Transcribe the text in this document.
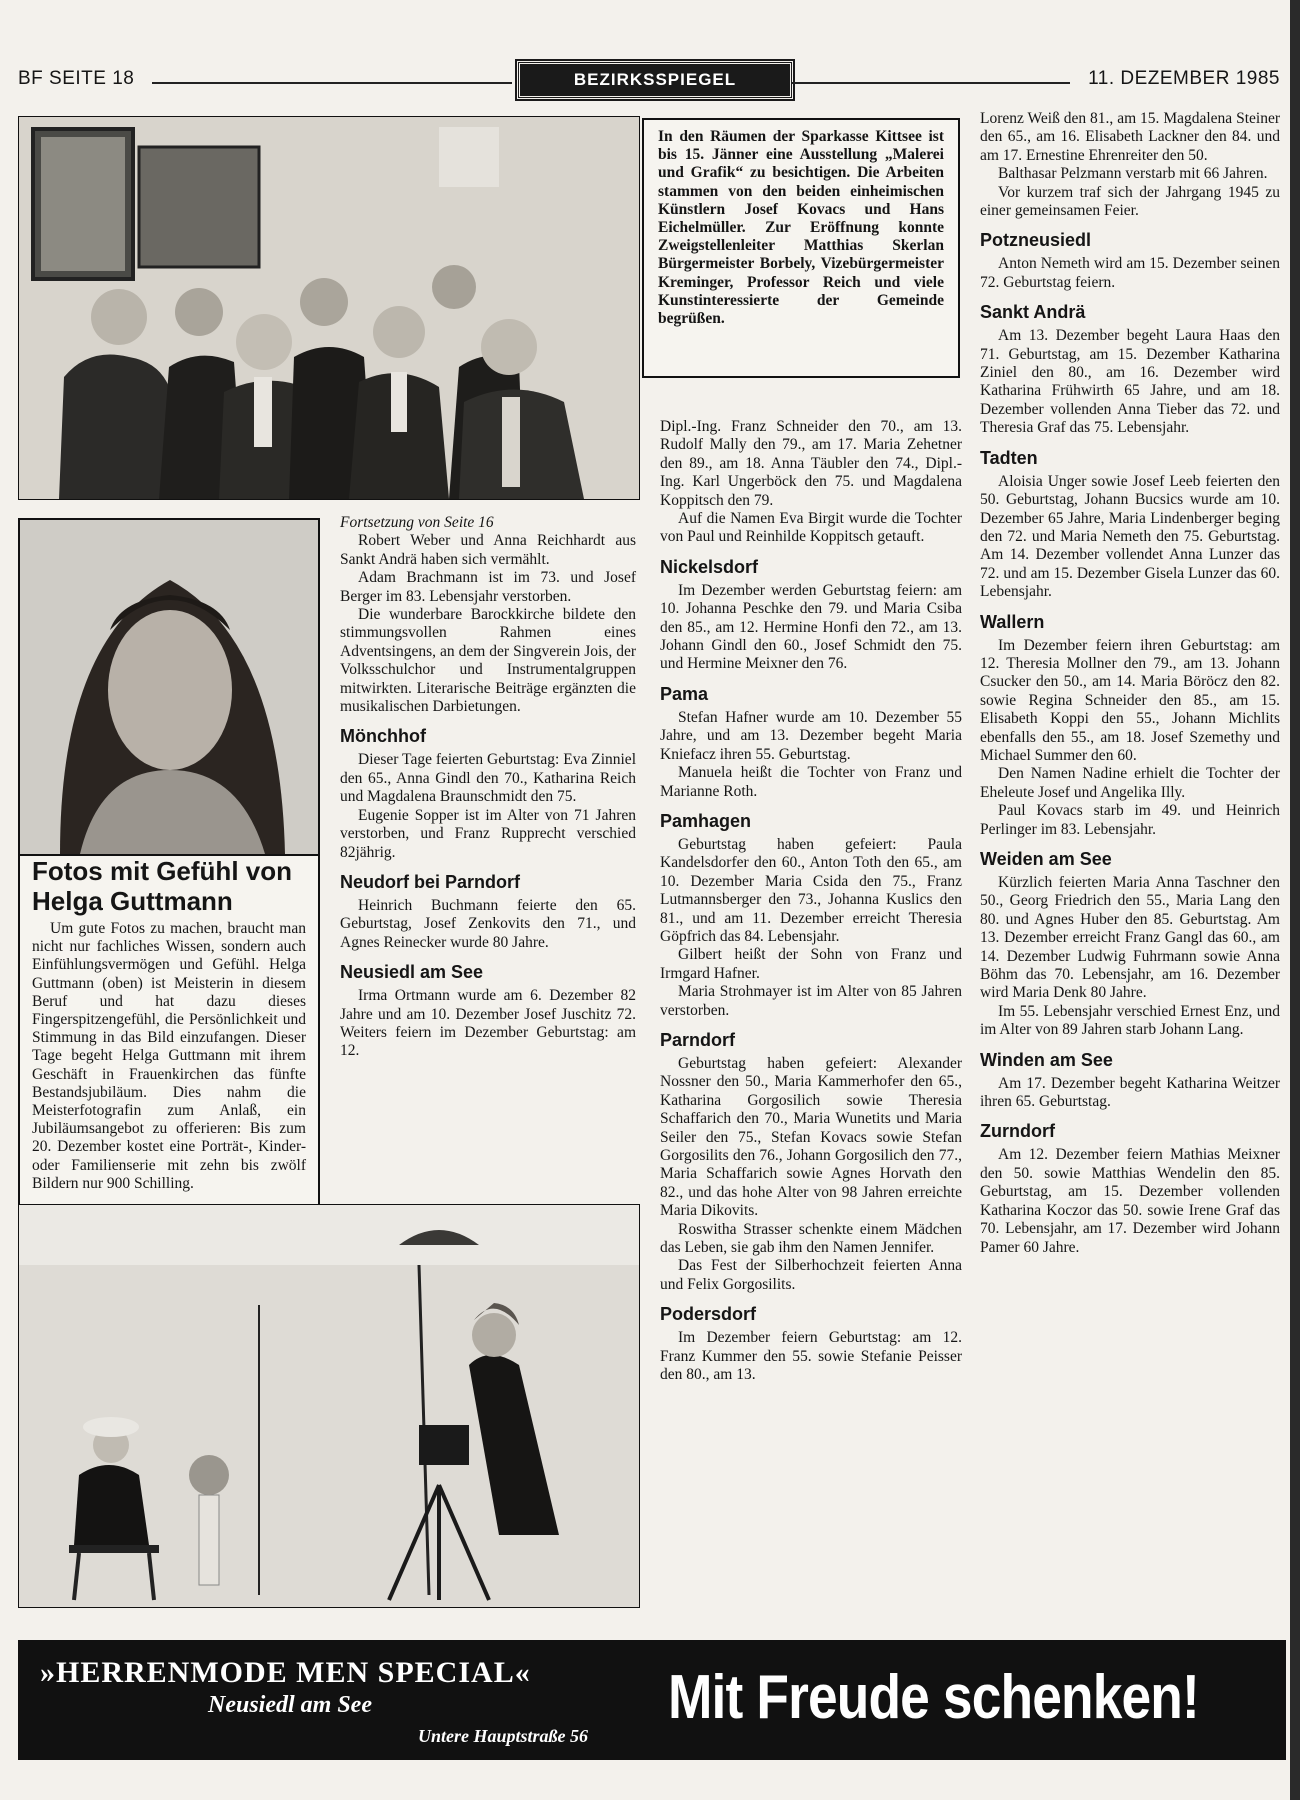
BF SEITE 18	BEZIRKSSPIEGEL	11. DEZEMBER 1985
In den Räumen der Sparkasse Kittsee ist bis 15. Jänner eine Ausstellung „Malerei und Grafik“ zu besichtigen. Die Arbeiten stammen von den beiden einheimischen Künstlern Josef Kovacs und Hans Eichelmüller. Zur Eröffnung konnte Zweigstellenleiter Matthias Skerlan Bürgermeister Borbely, Vizebürgermeister Kreminger, Professor Reich und viele Kunstinteressierte der Gemeinde begrüßen.
Fotos mit Gefühl von Helga Guttmann

Um gute Fotos zu machen, braucht man nicht nur fachliches Wissen, sondern auch Einfühlungsvermögen und Gefühl. Helga Guttmann (oben) ist Meisterin in diesem Beruf und hat dazu dieses Fingerspitzengefühl, die Persönlichkeit und Stimmung in das Bild einzufangen. Dieser Tage begeht Helga Guttmann mit ihrem Geschäft in Frauenkirchen das fünfte Bestandsjubiläum. Dies nahm die Meisterfotografin zum Anlaß, ein Jubiläumsangebot zu offerieren: Bis zum 20. Dezember kostet eine Porträt-, Kinder- oder Familienserie mit zehn bis zwölf Bildern nur 900 Schilling.

Fortsetzung von Seite 16

Robert Weber und Anna Reichhardt aus Sankt Andrä haben sich vermählt.

Adam Brachmann ist im 73. und Josef Berger im 83. Lebensjahr verstorben.

Die wunderbare Barockkirche bildete den stimmungsvollen Rahmen eines Adventsingens, an dem der Singverein Jois, der Volksschulchor und Instrumentalgruppen mitwirkten. Literarische Beiträge ergänzten die musikalischen Darbietungen.

Mönchhof

Dieser Tage feierten Geburtstag: Eva Zinniel den 65., Anna Gindl den 70., Katharina Reich und Magdalena Braunschmidt den 75.

Eugenie Sopper ist im Alter von 71 Jahren verstorben, und Franz Rupprecht verschied 82jährig.

Neudorf bei Parndorf

Heinrich Buchmann feierte den 65. Geburtstag, Josef Zenkovits den 71., und Agnes Reinecker wurde 80 Jahre.

Neusiedl am See

Irma Ortmann wurde am 6. Dezember 82 Jahre und am 10. Dezember Josef Juschitz 72. Weiters feiern im Dezember Geburtstag: am 12.

Dipl.-Ing. Franz Schneider den 70., am 13. Rudolf Mally den 79., am 17. Maria Zehetner den 89., am 18. Anna Täubler den 74., Dipl.-Ing. Karl Ungerböck den 75. und Magdalena Koppitsch den 79.

Auf die Namen Eva Birgit wurde die Tochter von Paul und Reinhilde Koppitsch getauft.

Nickelsdorf

Im Dezember werden Geburtstag feiern: am 10. Johanna Peschke den 79. und Maria Csiba den 85., am 12. Hermine Honfi den 72., am 13. Johann Gindl den 60., Josef Schmidt den 75. und Hermine Meixner den 76.

Pama

Stefan Hafner wurde am 10. Dezember 55 Jahre, und am 13. Dezember begeht Maria Kniefacz ihren 55. Geburtstag.

Manuela heißt die Tochter von Franz und Marianne Roth.

Pamhagen

Geburtstag haben gefeiert: Paula Kandelsdorfer den 60., Anton Toth den 65., am 10. Dezember Maria Csida den 75., Franz Lutmannsberger den 73., Johanna Kuslics den 81., und am 11. Dezember erreicht Theresia Göpfrich das 84. Lebensjahr.

Gilbert heißt der Sohn von Franz und Irmgard Hafner.

Maria Strohmayer ist im Alter von 85 Jahren verstorben.

Parndorf

Geburtstag haben gefeiert: Alexander Nossner den 50., Maria Kammerhofer den 65., Katharina Gorgosilich sowie Theresia Schaffarich den 70., Maria Wunetits und Maria Seiler den 75., Stefan Kovacs sowie Stefan Gorgosilits den 76., Johann Gorgosilich den 77., Maria Schaffarich sowie Agnes Horvath den 82., und das hohe Alter von 98 Jahren erreichte Maria Dikovits.

Roswitha Strasser schenkte einem Mädchen das Leben, sie gab ihm den Namen Jennifer.

Das Fest der Silberhochzeit feierten Anna und Felix Gorgosilits.

Podersdorf

Im Dezember feiern Geburtstag: am 12. Franz Kummer den 55. sowie Stefanie Peisser den 80., am 13.

Lorenz Weiß den 81., am 15. Magdalena Steiner den 65., am 16. Elisabeth Lackner den 84. und am 17. Ernestine Ehrenreiter den 50.

Balthasar Pelzmann verstarb mit 66 Jahren.

Vor kurzem traf sich der Jahrgang 1945 zu einer gemeinsamen Feier.

Potzneusiedl

Anton Nemeth wird am 15. Dezember seinen 72. Geburtstag feiern.

Sankt Andrä

Am 13. Dezember begeht Laura Haas den 71. Geburtstag, am 15. Dezember Katharina Ziniel den 80., am 16. Dezember wird Katharina Frühwirth 65 Jahre, und am 18. Dezember vollenden Anna Tieber das 72. und Theresia Graf das 75. Lebensjahr.

Tadten

Aloisia Unger sowie Josef Leeb feierten den 50. Geburtstag, Johann Bucsics wurde am 10. Dezember 65 Jahre, Maria Lindenberger beging den 72. und Maria Nemeth den 75. Geburtstag. Am 14. Dezember vollendet Anna Lunzer das 72. und am 15. Dezember Gisela Lunzer das 60. Lebensjahr.

Wallern

Im Dezember feiern ihren Geburtstag: am 12. Theresia Mollner den 79., am 13. Johann Csucker den 50., am 14. Maria Böröcz den 82. sowie Regina Schneider den 85., am 15. Elisabeth Koppi den 55., Johann Michlits ebenfalls den 55., am 18. Josef Szemethy und Michael Summer den 60.

Den Namen Nadine erhielt die Tochter der Eheleute Josef und Angelika Illy.

Paul Kovacs starb im 49. und Heinrich Perlinger im 83. Lebensjahr.

Weiden am See

Kürzlich feierten Maria Anna Taschner den 50., Georg Friedrich den 55., Maria Lang den 80. und Agnes Huber den 85. Geburtstag. Am 13. Dezember erreicht Franz Gangl das 60., am 14. Dezember Ludwig Fuhrmann sowie Anna Böhm das 70. Lebensjahr, am 16. Dezember wird Maria Denk 80 Jahre.

Im 55. Lebensjahr verschied Ernest Enz, und im Alter von 89 Jahren starb Johann Lang.

Winden am See

Am 17. Dezember begeht Katharina Weitzer ihren 65. Geburtstag.

Zurndorf

Am 12. Dezember feiern Mathias Meixner den 50. sowie Matthias Wendelin den 85. Geburtstag, am 15. Dezember vollenden Katharina Koczor das 50. sowie Irene Graf das 70. Lebensjahr, am 17. Dezember wird Johann Pamer 60 Jahre.

»HERRENMODE MEN SPECIAL«
Neusiedl am See
Untere Hauptstraße 56
Mit Freude schenken!
